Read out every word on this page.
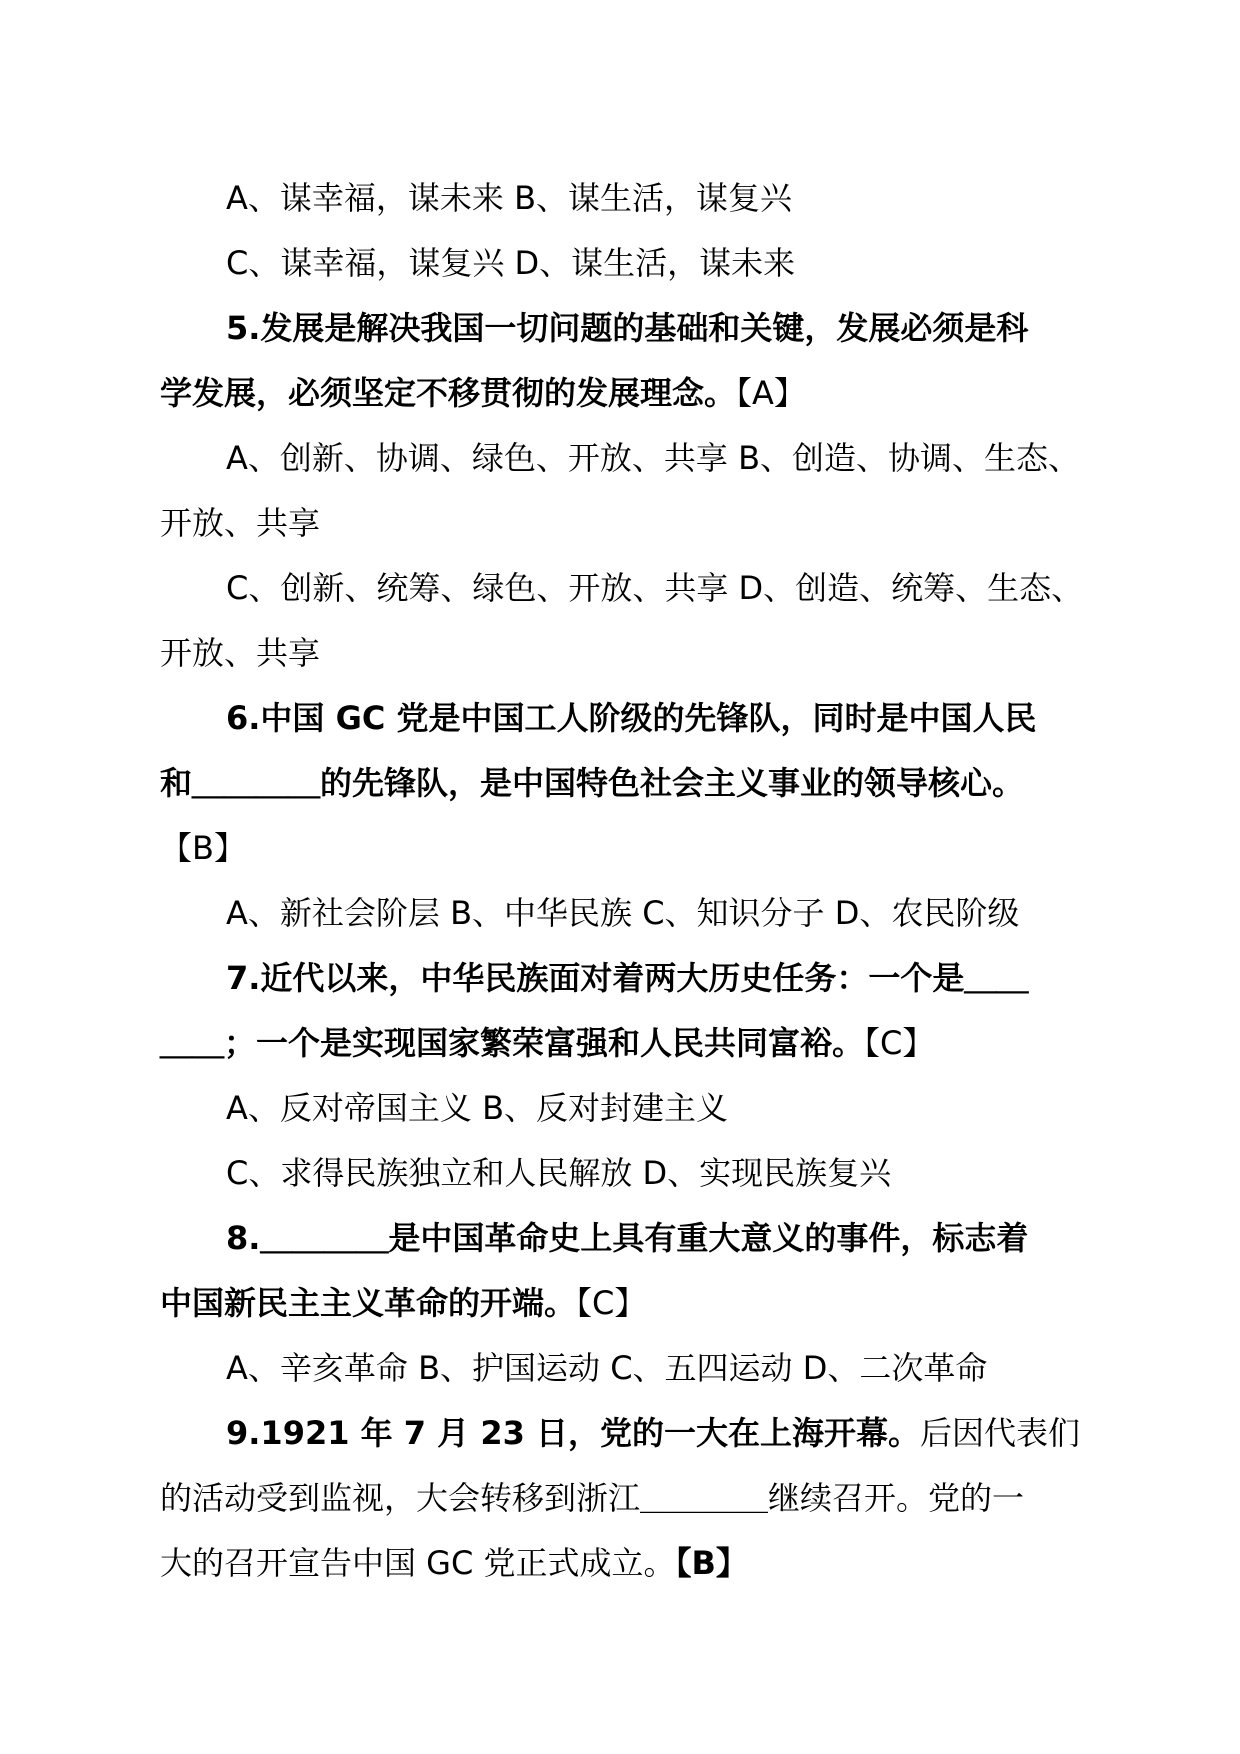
A、谋幸福，谋未来 B、谋生活，谋复兴
C、谋幸福，谋复兴 D、谋生活，谋未来
5.发展是解决我国一切问题的基础和关键，发展必须是科
学发展，必须坚定不移贯彻的发展理念。【A】
A、创新、协调、绿色、开放、共享 B、创造、协调、生态、
开放、共享
C、创新、统筹、绿色、开放、共享 D、创造、统筹、生态、
开放、共享
6.中国 GC 党是中国工人阶级的先锋队，同时是中国人民
和＿＿＿＿的先锋队，是中国特色社会主义事业的领导核心。
【B】
A、新社会阶层 B、中华民族 C、知识分子 D、农民阶级
7.近代以来，中华民族面对着两大历史任务：一个是＿＿
＿＿；一个是实现国家繁荣富强和人民共同富裕。【C】
A、反对帝国主义 B、反对封建主义
C、求得民族独立和人民解放 D、实现民族复兴
8.＿＿＿＿是中国革命史上具有重大意义的事件，标志着
中国新民主主义革命的开端。【C】
A、辛亥革命 B、护国运动 C、五四运动 D、二次革命
9.1921 年 7 月 23 日，党的一大在上海开幕。后因代表们
的活动受到监视，大会转移到浙江＿＿＿＿继续召开。党的一
大的召开宣告中国 GC 党正式成立。【B】
